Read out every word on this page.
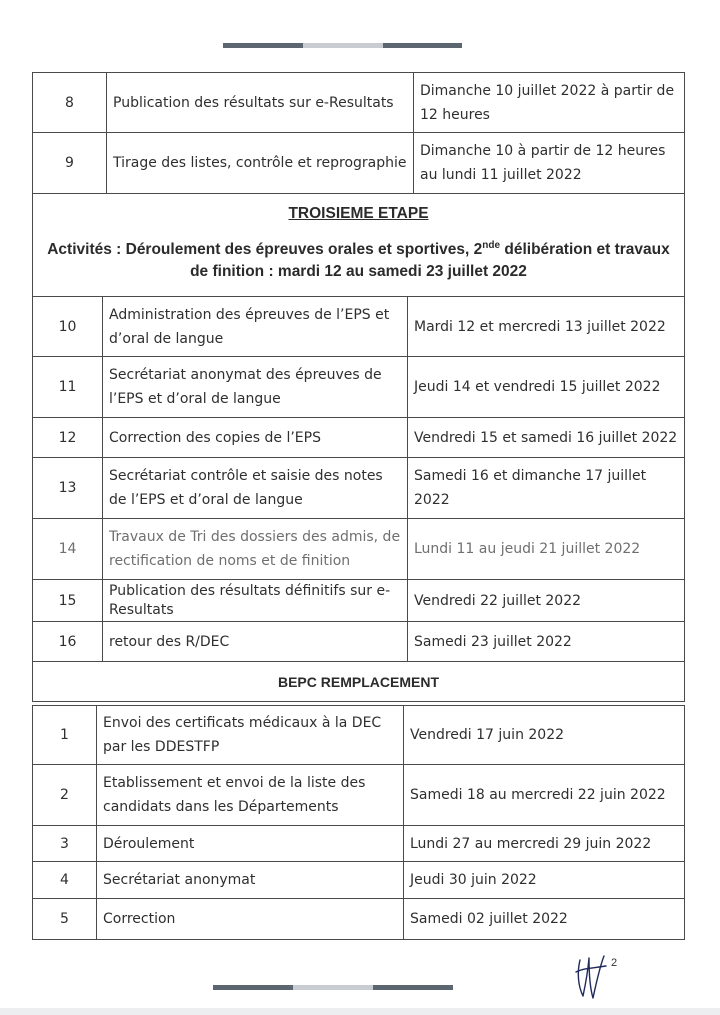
8	Publication des résultats sur e-Resultats	Dimanche 10 juillet 2022 à partir de 12 heures
9	Tirage des listes, contrôle et reprographie	Dimanche 10 à partir de 12 heures au lundi 11 juillet 2022

TROISIEME ETAPE
Activités : Déroulement des épreuves orales et sportives, 2nde délibération et travaux de finition : mardi 12 au samedi 23 juillet 2022		
10	Administration des épreuves de l’EPS et d’oral de langue	Mardi 12 et mercredi 13 juillet 2022
11	Secrétariat anonymat des épreuves de l’EPS et d’oral de langue	Jeudi 14 et vendredi 15 juillet 2022
12	Correction des copies de l’EPS	Vendredi 15 et samedi 16 juillet 2022
13	Secrétariat contrôle et saisie des notes de l’EPS et d’oral de langue	Samedi 16 et dimanche 17 juillet 2022
14	Travaux de Tri des dossiers des admis, de rectification de noms et de finition	Lundi 11 au jeudi 21 juillet 2022
15	Publication des résultats définitifs sur e-Resultats	Vendredi 22 juillet 2022
16	retour des R/DEC	Samedi 23 juillet 2022
BEPC REMPLACEMENT		
1	Envoi des certificats médicaux à la DEC par les DDESTFP	Vendredi 17 juin 2022
2	Etablissement et envoi de la liste des candidats dans les Départements	Samedi 18 au mercredi 22 juin 2022
3	Déroulement	Lundi 27 au mercredi 29 juin 2022
4	Secrétariat anonymat	Jeudi 30 juin 2022
5	Correction	Samedi 02 juillet 2022
2
